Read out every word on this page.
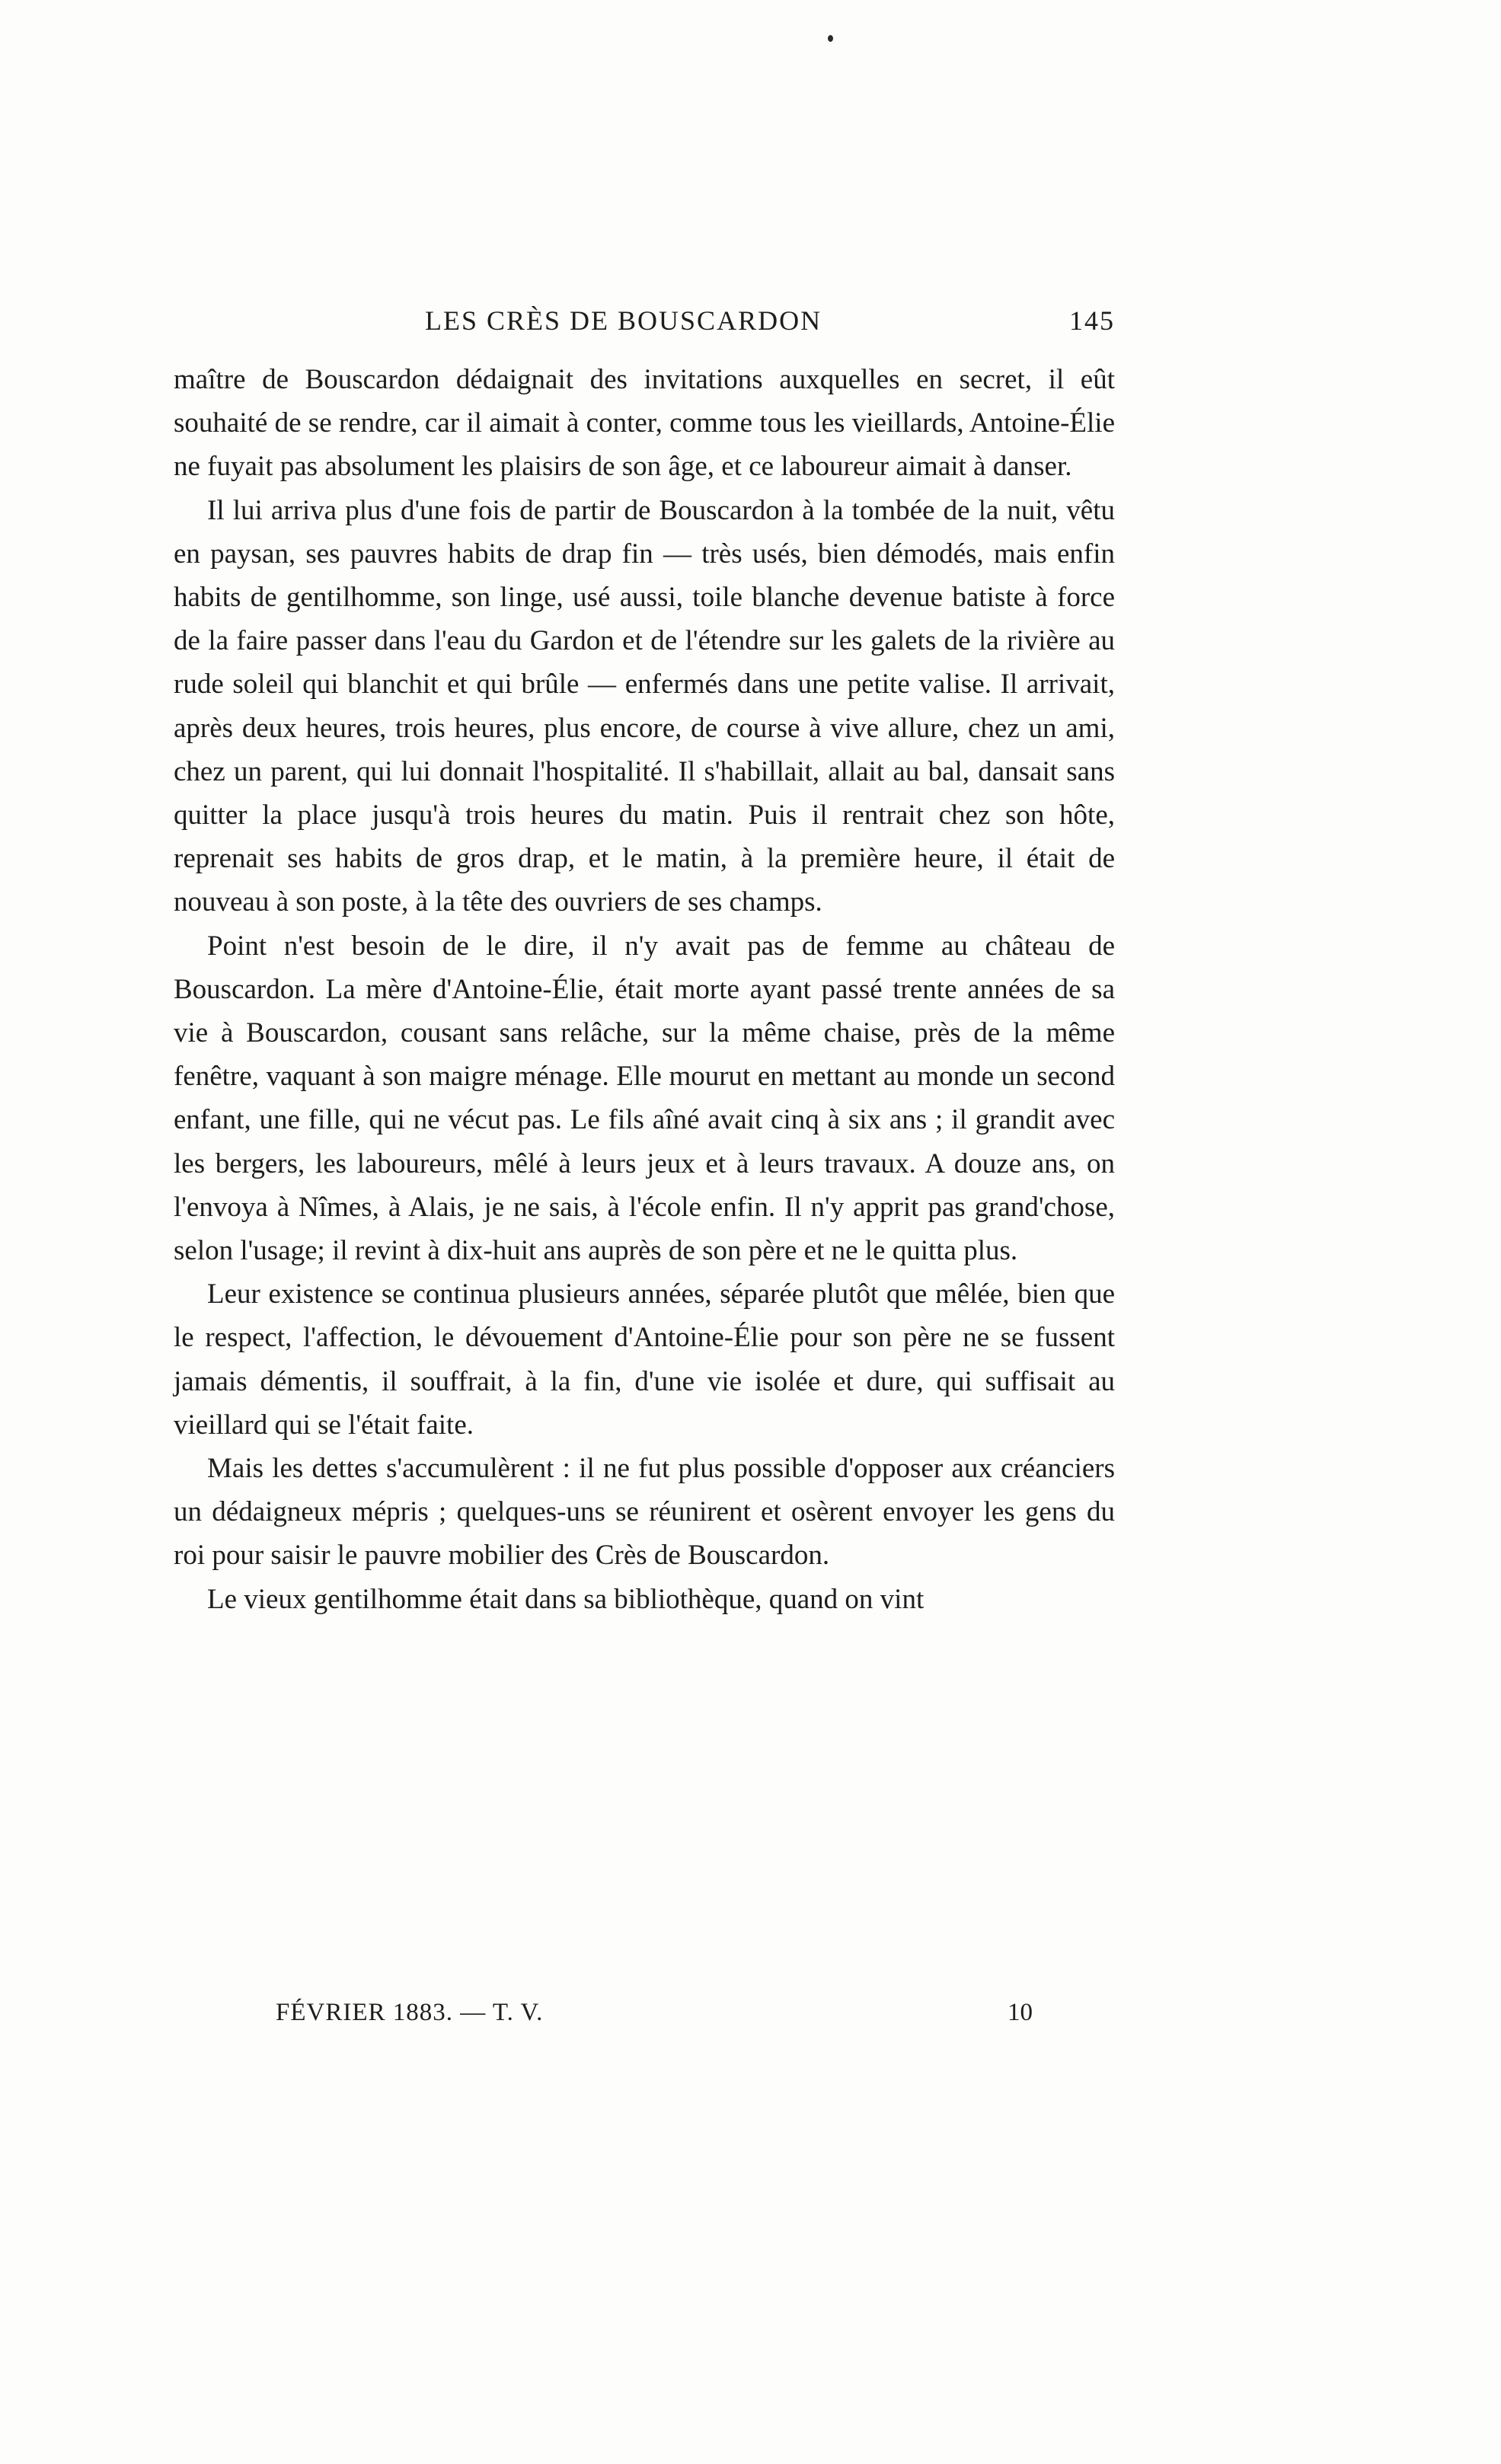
LES CRÈS DE BOUSCARDON	145

maître de Bouscardon dédaignait des invitations auxquelles en secret, il eût souhaité de se rendre, car il aimait à conter, comme tous les vieillards, Antoine-Élie ne fuyait pas absolument les plaisirs de son âge, et ce laboureur aimait à danser.

Il lui arriva plus d'une fois de partir de Bouscardon à la tombée de la nuit, vêtu en paysan, ses pauvres habits de drap fin — très usés, bien démodés, mais enfin habits de gentilhomme, son linge, usé aussi, toile blanche devenue batiste à force de la faire passer dans l'eau du Gardon et de l'étendre sur les galets de la rivière au rude soleil qui blanchit et qui brûle — enfermés dans une petite valise. Il arrivait, après deux heures, trois heures, plus encore, de course à vive allure, chez un ami, chez un parent, qui lui donnait l'hospitalité. Il s'habillait, allait au bal, dansait sans quitter la place jusqu'à trois heures du matin. Puis il rentrait chez son hôte, reprenait ses habits de gros drap, et le matin, à la première heure, il était de nouveau à son poste, à la tête des ouvriers de ses champs.

Point n'est besoin de le dire, il n'y avait pas de femme au château de Bouscardon. La mère d'Antoine-Élie, était morte ayant passé trente années de sa vie à Bouscardon, cousant sans relâche, sur la même chaise, près de la même fenêtre, vaquant à son maigre ménage. Elle mourut en mettant au monde un second enfant, une fille, qui ne vécut pas. Le fils aîné avait cinq à six ans ; il grandit avec les bergers, les laboureurs, mêlé à leurs jeux et à leurs travaux. A douze ans, on l'envoya à Nîmes, à Alais, je ne sais, à l'école enfin. Il n'y apprit pas grand'chose, selon l'usage; il revint à dix-huit ans auprès de son père et ne le quitta plus.

Leur existence se continua plusieurs années, séparée plutôt que mêlée, bien que le respect, l'affection, le dévouement d'Antoine-Élie pour son père ne se fussent jamais démentis, il souffrait, à la fin, d'une vie isolée et dure, qui suffisait au vieillard qui se l'était faite.

Mais les dettes s'accumulèrent : il ne fut plus possible d'opposer aux créanciers un dédaigneux mépris ; quelques-uns se réunirent et osèrent envoyer les gens du roi pour saisir le pauvre mobilier des Crès de Bouscardon.

Le vieux gentilhomme était dans sa bibliothèque, quand on vint

FÉVRIER 1883. — T. V.	10
